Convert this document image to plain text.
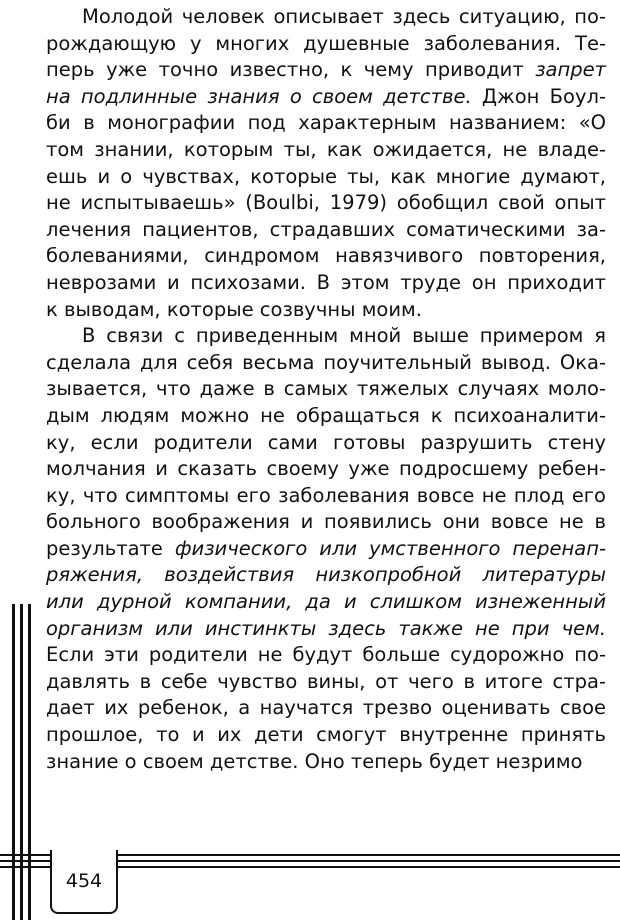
Молодой человек описывает здесь ситуацию, по-
рождающую у многих душевные заболевания. Те-
перь уже точно известно, к чему приводит запрет
на подлинные знания о своем детстве. Джон Боул-
би в монографии под характерным названием: «О
том знании, которым ты, как ожидается, не владе-
ешь и о чувствах, которые ты, как многие думают,
не испытываешь» (Boulbi, 1979) обобщил свой опыт
лечения пациентов, страдавших соматическими за-
болеваниями, синдромом навязчивого повторения,
неврозами и психозами. В этом труде он приходит
к выводам, которые созвучны моим.
В связи с приведенным мной выше примером я
сделала для себя весьма поучительный вывод. Ока-
зывается, что даже в самых тяжелых случаях моло-
дым людям можно не обращаться к психоаналити-
ку, если родители сами готовы разрушить стену
молчания и сказать своему уже подросшему ребен-
ку, что симптомы его заболевания вовсе не плод его
больного воображения и появились они вовсе не в
результате физического или умственного перенап-
ряжения, воздействия низкопробной литературы
или дурной компании, да и слишком изнеженный
организм или инстинкты здесь также не при чем.
Если эти родители не будут больше судорожно по-
давлять в себе чувство вины, от чего в итоге стра-
дает их ребенок, а научатся трезво оценивать свое
прошлое, то и их дети смогут внутренне принять
знание о своем детстве. Оно теперь будет незримо
454
